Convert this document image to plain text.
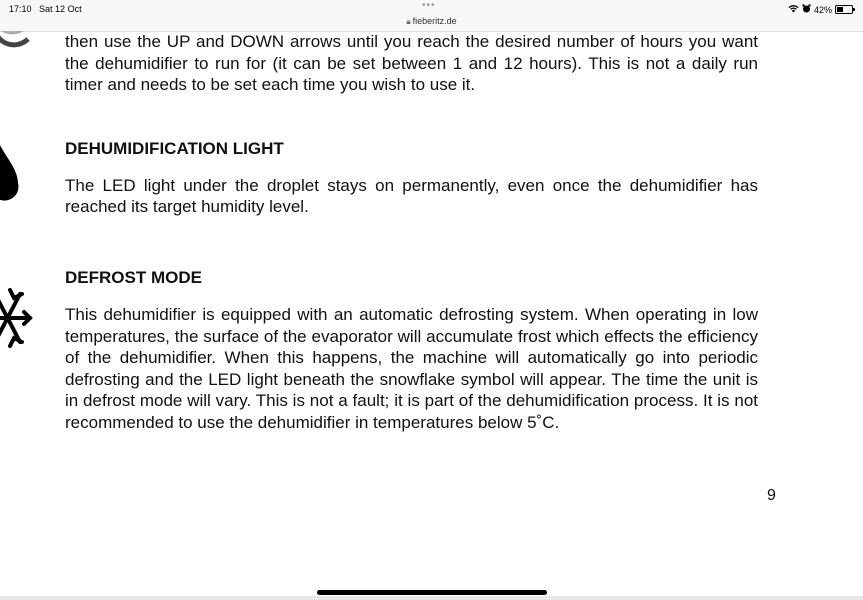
17:10 Sat 12 Oct	•••
🔒︎ fieberitz.de
42%

then use the UP and DOWN arrows until you reach the desired number of hours you want the dehumidifier to run for (it can be set between 1 and 12 hours). This is not a daily run timer and needs to be set each time you wish to use it.

DEHUMIDIFICATION LIGHT

The LED light under the droplet stays on permanently, even once the dehumidifier has reached its target humidity level.

DEFROST MODE

This dehumidifier is equipped with an automatic defrosting system. When operating in low temperatures, the surface of the evaporator will accumulate frost which effects the efficiency of the dehumidifier. When this happens, the machine will automatically go into periodic defrosting and the LED light beneath the snowflake symbol will appear. The time the unit is in defrost mode will vary. This is not a fault; it is part of the dehumidification process. It is not recommended to use the dehumidifier in temperatures below 5˚C.

9
